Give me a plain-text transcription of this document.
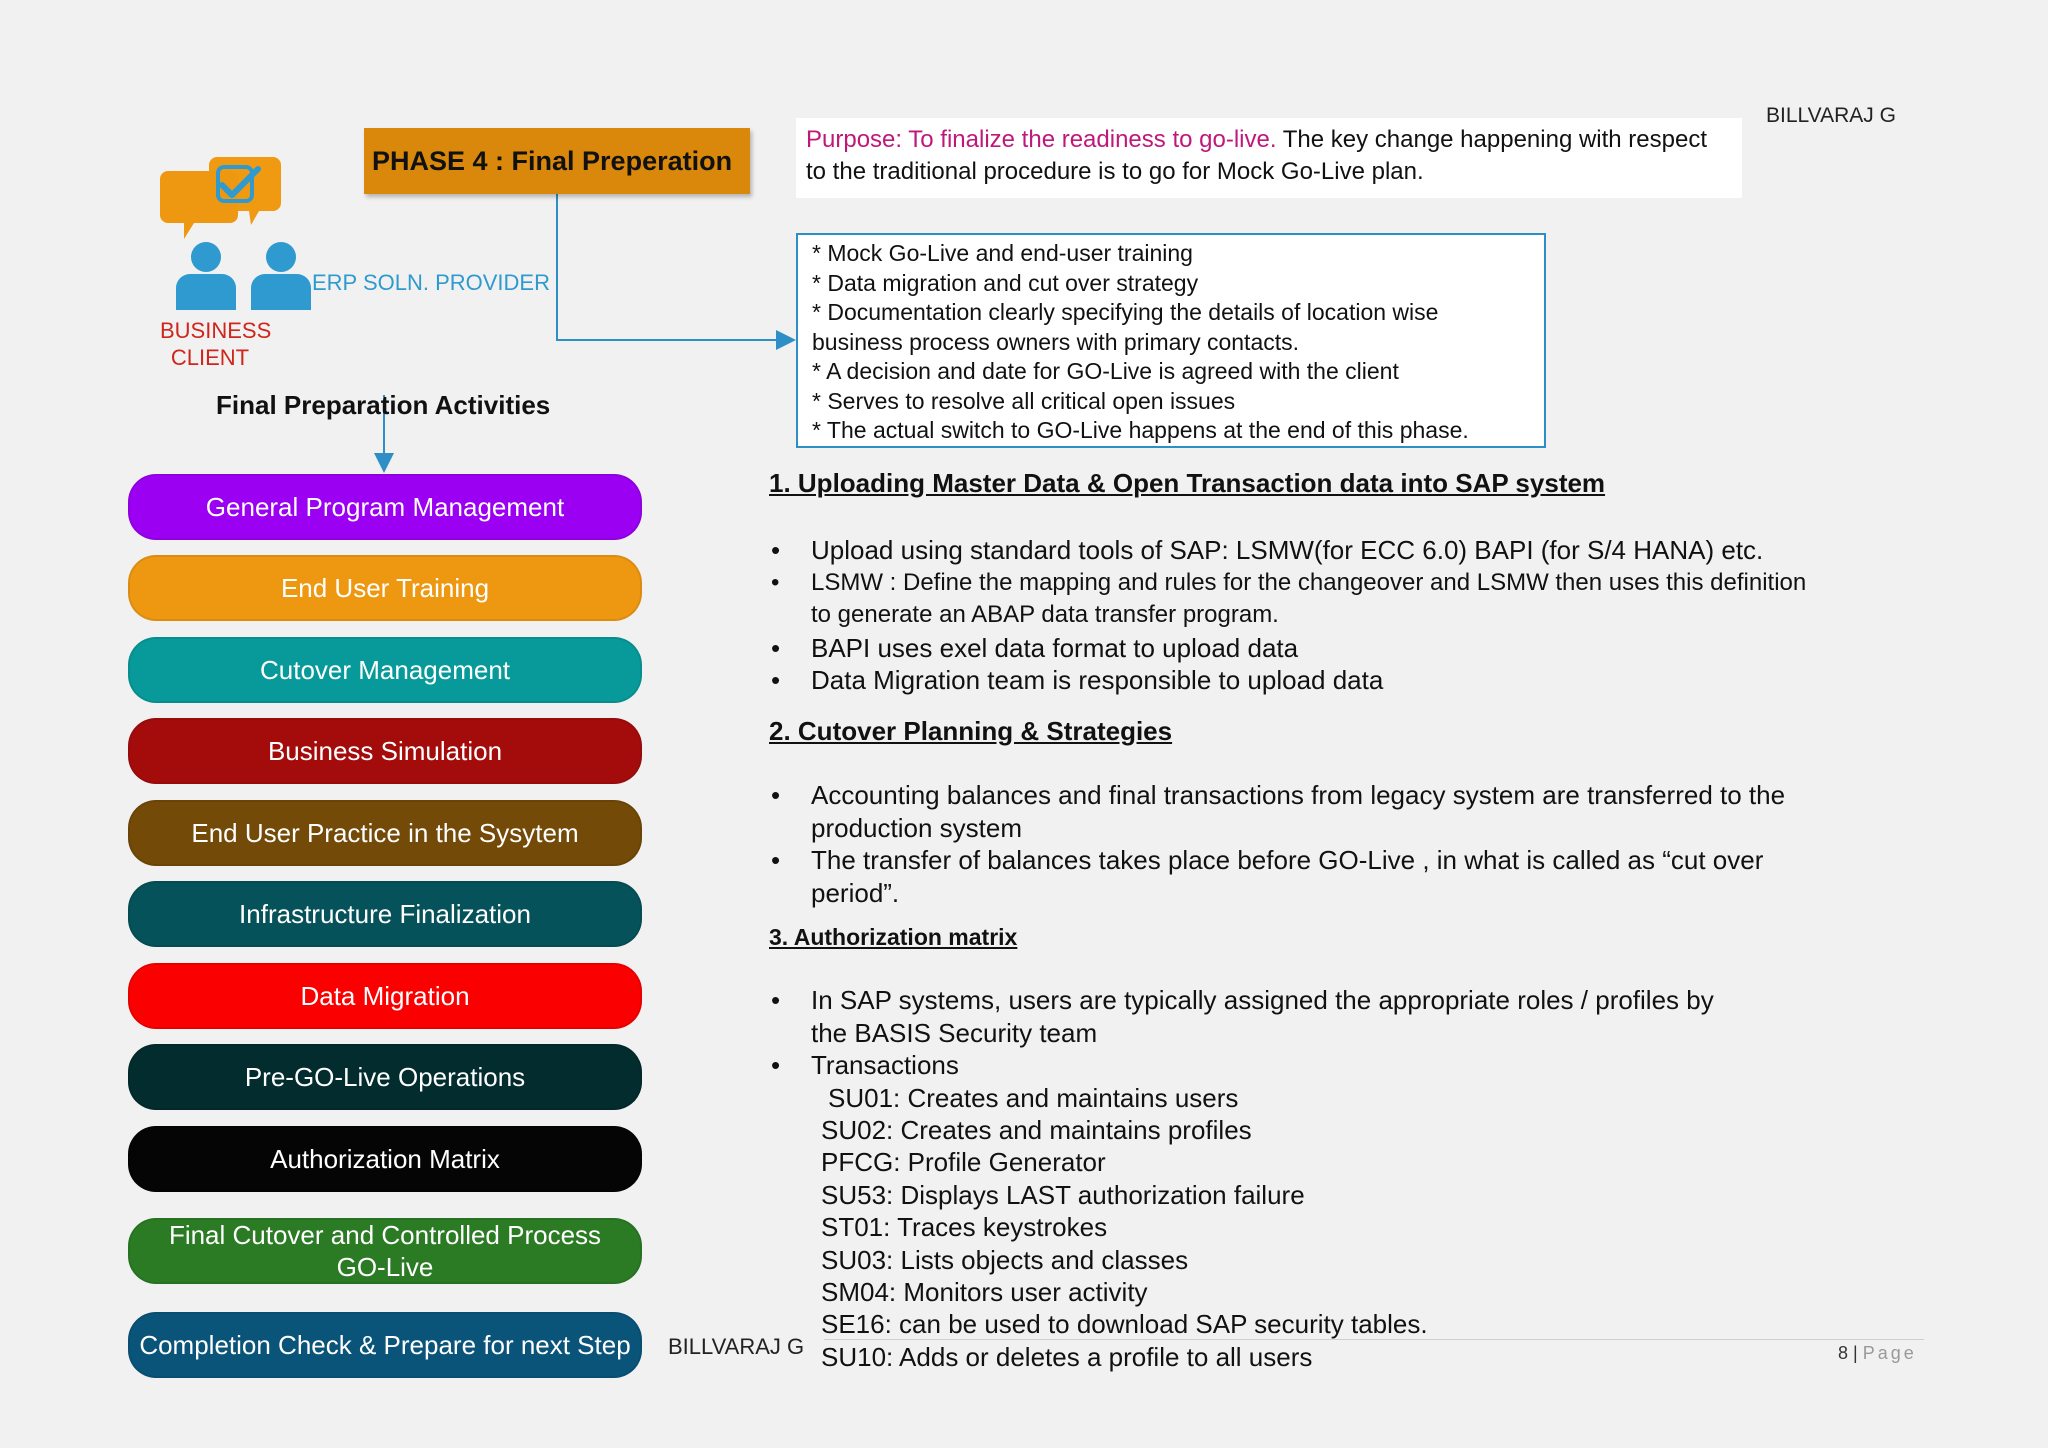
BILLVARAJ G
PHASE 4 : Final Preperation
Purpose: To finalize the readiness to go-live. The key change happening with respect to the traditional procedure is to go for Mock Go-Live plan.
* Mock Go-Live and end-user training
* Data migration and cut over strategy
* Documentation clearly specifying the details of location wise
business process owners with primary contacts.
* A decision and date for GO-Live is agreed with the client
* Serves to resolve all critical open issues
* The actual switch to GO-Live happens at the end of this phase.
ERP SOLN. PROVIDER
BUSINESS
CLIENT
Final Preparation Activities
General Program Management
End User Training
Cutover Management
Business Simulation
End User Practice in the Sysytem
Infrastructure Finalization
Data Migration
Pre-GO-Live Operations
Authorization Matrix
Final Cutover and Controlled Process GO-Live
Completion Check & Prepare for next Step
1. Uploading Master Data & Open Transaction data into SAP system
• Upload using standard tools of SAP: LSMW(for ECC 6.0) BAPI (for S/4 HANA) etc.
• LSMW : Define the mapping and rules for the changeover and LSMW then uses this definition to generate an ABAP data transfer program.
• BAPI uses exel data format to upload data
• Data Migration team is responsible to upload data
2. Cutover Planning & Strategies
• Accounting balances and final transactions from legacy system are transferred to the production system
• The transfer of balances takes place before GO-Live , in what is called as “cut over period”.
3. Authorization matrix
• In SAP systems, users are typically assigned the appropriate roles / profiles by the BASIS Security team
• Transactions
SU01: Creates and maintains users
SU02: Creates and maintains profiles
PFCG: Profile Generator
SU53: Displays LAST authorization failure
ST01: Traces keystrokes
SU03: Lists objects and classes
SM04: Monitors user activity
SE16: can be used to download SAP security tables.
SU10: Adds or deletes a profile to all users
BILLVARAJ G	8 | Page
